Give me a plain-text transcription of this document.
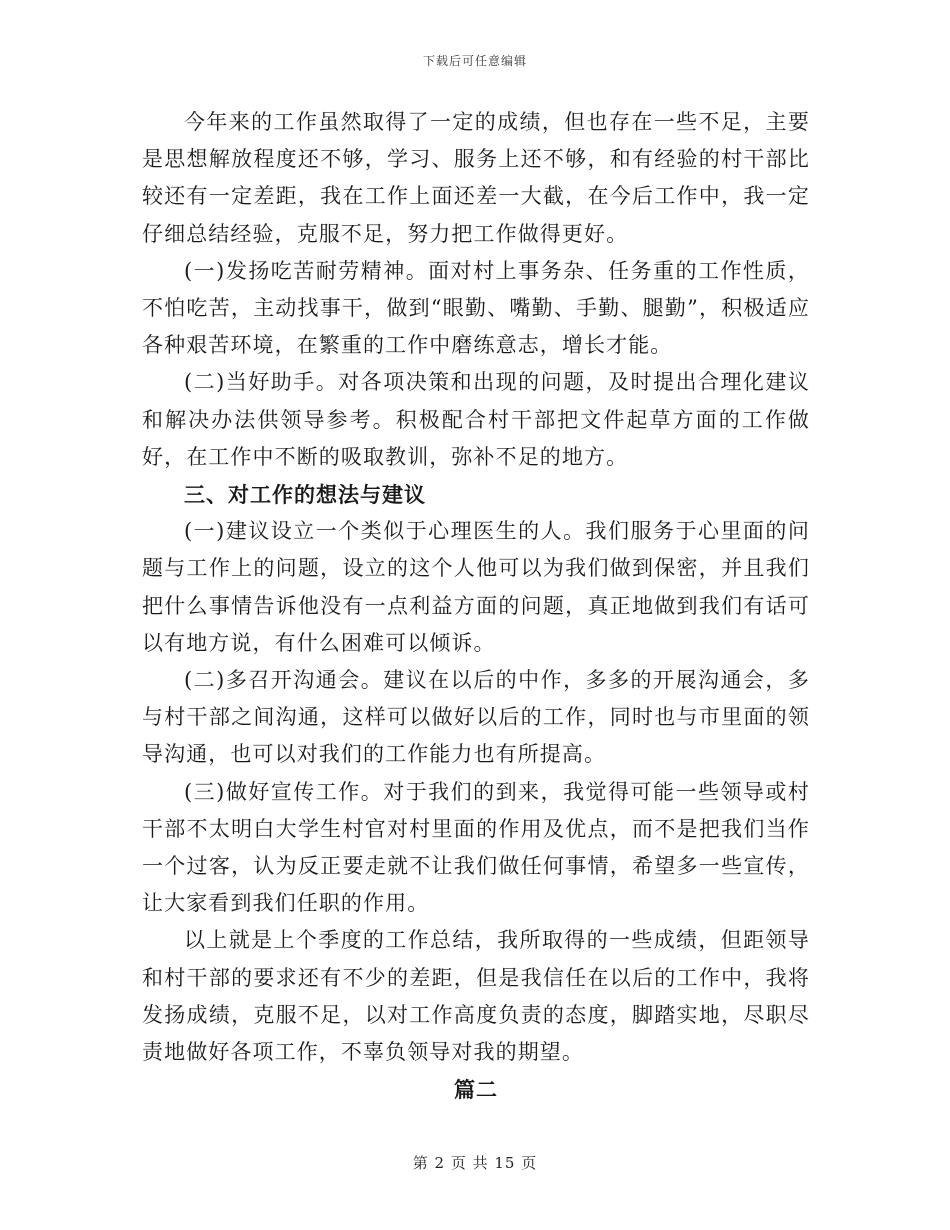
下载后可任意编辑

今年来的工作虽然取得了一定的成绩，但也存在一些不足，主要是思想解放程度还不够，学习、服务上还不够，和有经验的村干部比较还有一定差距，我在工作上面还差一大截，在今后工作中，我一定仔细总结经验，克服不足，努力把工作做得更好。

(一)发扬吃苦耐劳精神。面对村上事务杂、任务重的工作性质，不怕吃苦，主动找事干，做到“眼勤、嘴勤、手勤、腿勤”，积极适应各种艰苦环境，在繁重的工作中磨练意志，增长才能。

(二)当好助手。对各项决策和出现的问题，及时提出合理化建议和解决办法供领导参考。积极配合村干部把文件起草方面的工作做好，在工作中不断的吸取教训，弥补不足的地方。

三、对工作的想法与建议

(一)建议设立一个类似于心理医生的人。我们服务于心里面的问题与工作上的问题，设立的这个人他可以为我们做到保密，并且我们把什么事情告诉他没有一点利益方面的问题，真正地做到我们有话可以有地方说，有什么困难可以倾诉。

(二)多召开沟通会。建议在以后的中作，多多的开展沟通会，多与村干部之间沟通，这样可以做好以后的工作，同时也与市里面的领导沟通，也可以对我们的工作能力也有所提高。

(三)做好宣传工作。对于我们的到来，我觉得可能一些领导或村干部不太明白大学生村官对村里面的作用及优点，而不是把我们当作一个过客，认为反正要走就不让我们做任何事情，希望多一些宣传，让大家看到我们任职的作用。

以上就是上个季度的工作总结，我所取得的一些成绩，但距领导和村干部的要求还有不少的差距，但是我信任在以后的工作中，我将发扬成绩，克服不足，以对工作高度负责的态度，脚踏实地，尽职尽责地做好各项工作，不辜负领导对我的期望。

篇二

第 2 页 共 15 页
